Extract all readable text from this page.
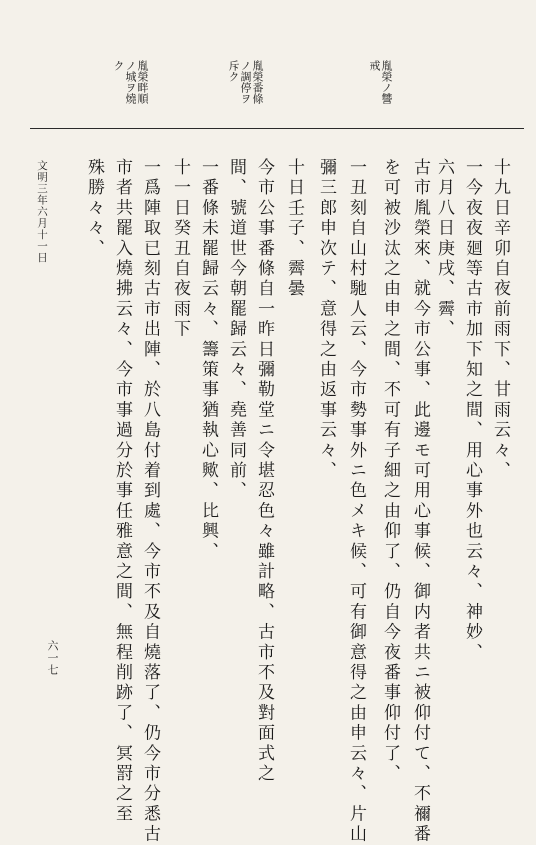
胤榮畔順
ノ城ヲ燒
ク	胤榮番條
ノ調停ヲ
斥ク	胤榮ノ讐
戒
十九日辛卯自夜前雨下、甘雨云々、
一今夜夜廻等古市加下知之間、用心事外也云々、神妙、
六月八日庚戌、霽、
古市胤榮來、就今市公事、此邊モ可用心事候、御内者共ニ被仰付て、不禰番
を可被沙汰之由申之間、不可有子細之由仰了、仍自今夜番事仰付了、
一丑刻自山村馳人云、今市勢事外ニ色メキ候、可有御意得之由申云々、片山
彌三郎申次テ、意得之由返事云々、
十日壬子、霽曇
今市公事番條自一昨日彌勒堂ニ令堪忍色々雖計略、古市不及對面式之
間、號道世今朝罷歸云々、堯善同前、
一番條未罷歸云々、籌策事猶執心歟、比興、
十一日癸丑自夜雨下
一爲陣取已刻古市出陣、於八島付着到處、今市不及自燒落了、仍今市分悉古
市者共罷入燒拂云々、今市事過分於事任雅意之間、無程削跡了、冥罸之至
殊勝々々、
文明三年六月十一日
六一七
